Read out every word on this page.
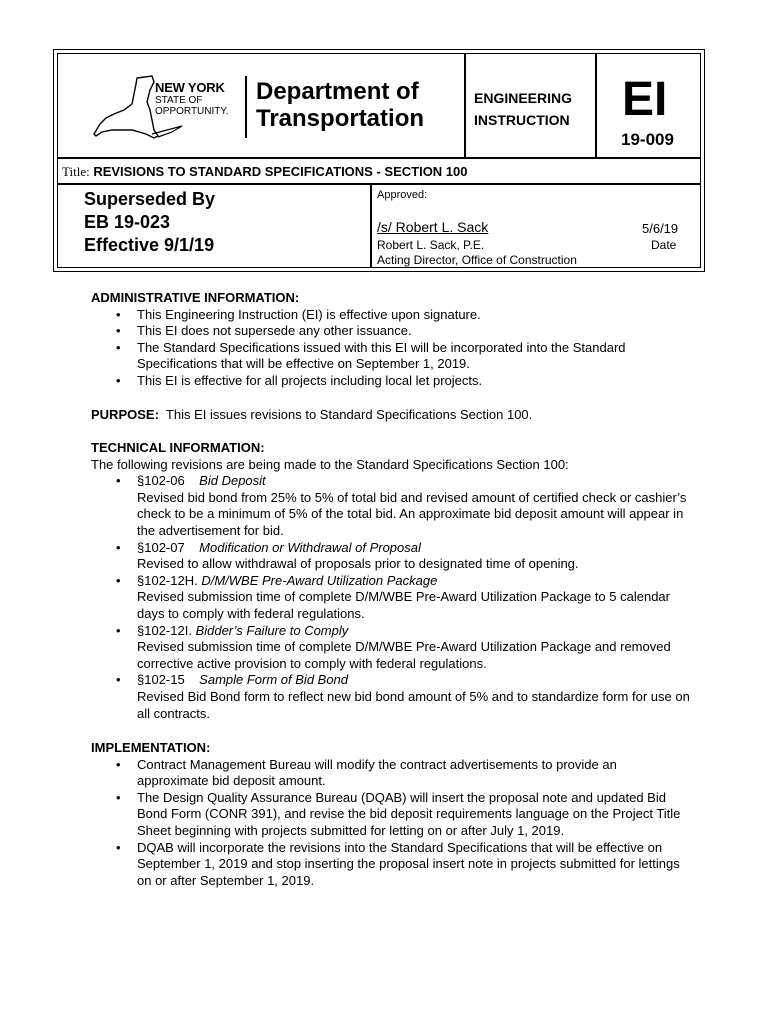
NEW YORK
STATE OF
OPPORTUNITY.
Department of
Transportation
ENGINEERING
INSTRUCTION EI
19-009
Title: REVISIONS TO STANDARD SPECIFICATIONS - SECTION 100
Superseded By
EB 19-023
Effective 9/1/19
Approved:
/s/ Robert L. Sack
Robert L. Sack, P.E.
Acting Director, Office of Construction
5/6/19
Date
ADMINISTRATIVE INFORMATION:
• This Engineering Instruction (EI) is effective upon signature.
• This EI does not supersede any other issuance.
• The Standard Specifications issued with this EI will be incorporated into the Standard Specifications that will be effective on September 1, 2019.
• This EI is effective for all projects including local let projects.
PURPOSE: This EI issues revisions to Standard Specifications Section 100.
TECHNICAL INFORMATION:
The following revisions are being made to the Standard Specifications Section 100:
• §102-06 Bid Deposit
Revised bid bond from 25% to 5% of total bid and revised amount of certified check or cashier’s check to be a minimum of 5% of the total bid. An approximate bid deposit amount will appear in the advertisement for bid.
• §102-07 Modification or Withdrawal of Proposal
Revised to allow withdrawal of proposals prior to designated time of opening.
• §102-12H. D/M/WBE Pre-Award Utilization Package
Revised submission time of complete D/M/WBE Pre-Award Utilization Package to 5 calendar days to comply with federal regulations.
• §102-12I. Bidder’s Failure to Comply
Revised submission time of complete D/M/WBE Pre-Award Utilization Package and removed corrective active provision to comply with federal regulations.
• §102-15 Sample Form of Bid Bond
Revised Bid Bond form to reflect new bid bond amount of 5% and to standardize form for use on all contracts.
IMPLEMENTATION:
• Contract Management Bureau will modify the contract advertisements to provide an approximate bid deposit amount.
• The Design Quality Assurance Bureau (DQAB) will insert the proposal note and updated Bid Bond Form (CONR 391), and revise the bid deposit requirements language on the Project Title Sheet beginning with projects submitted for letting on or after July 1, 2019.
• DQAB will incorporate the revisions into the Standard Specifications that will be effective on September 1, 2019 and stop inserting the proposal insert note in projects submitted for lettings on or after September 1, 2019.
